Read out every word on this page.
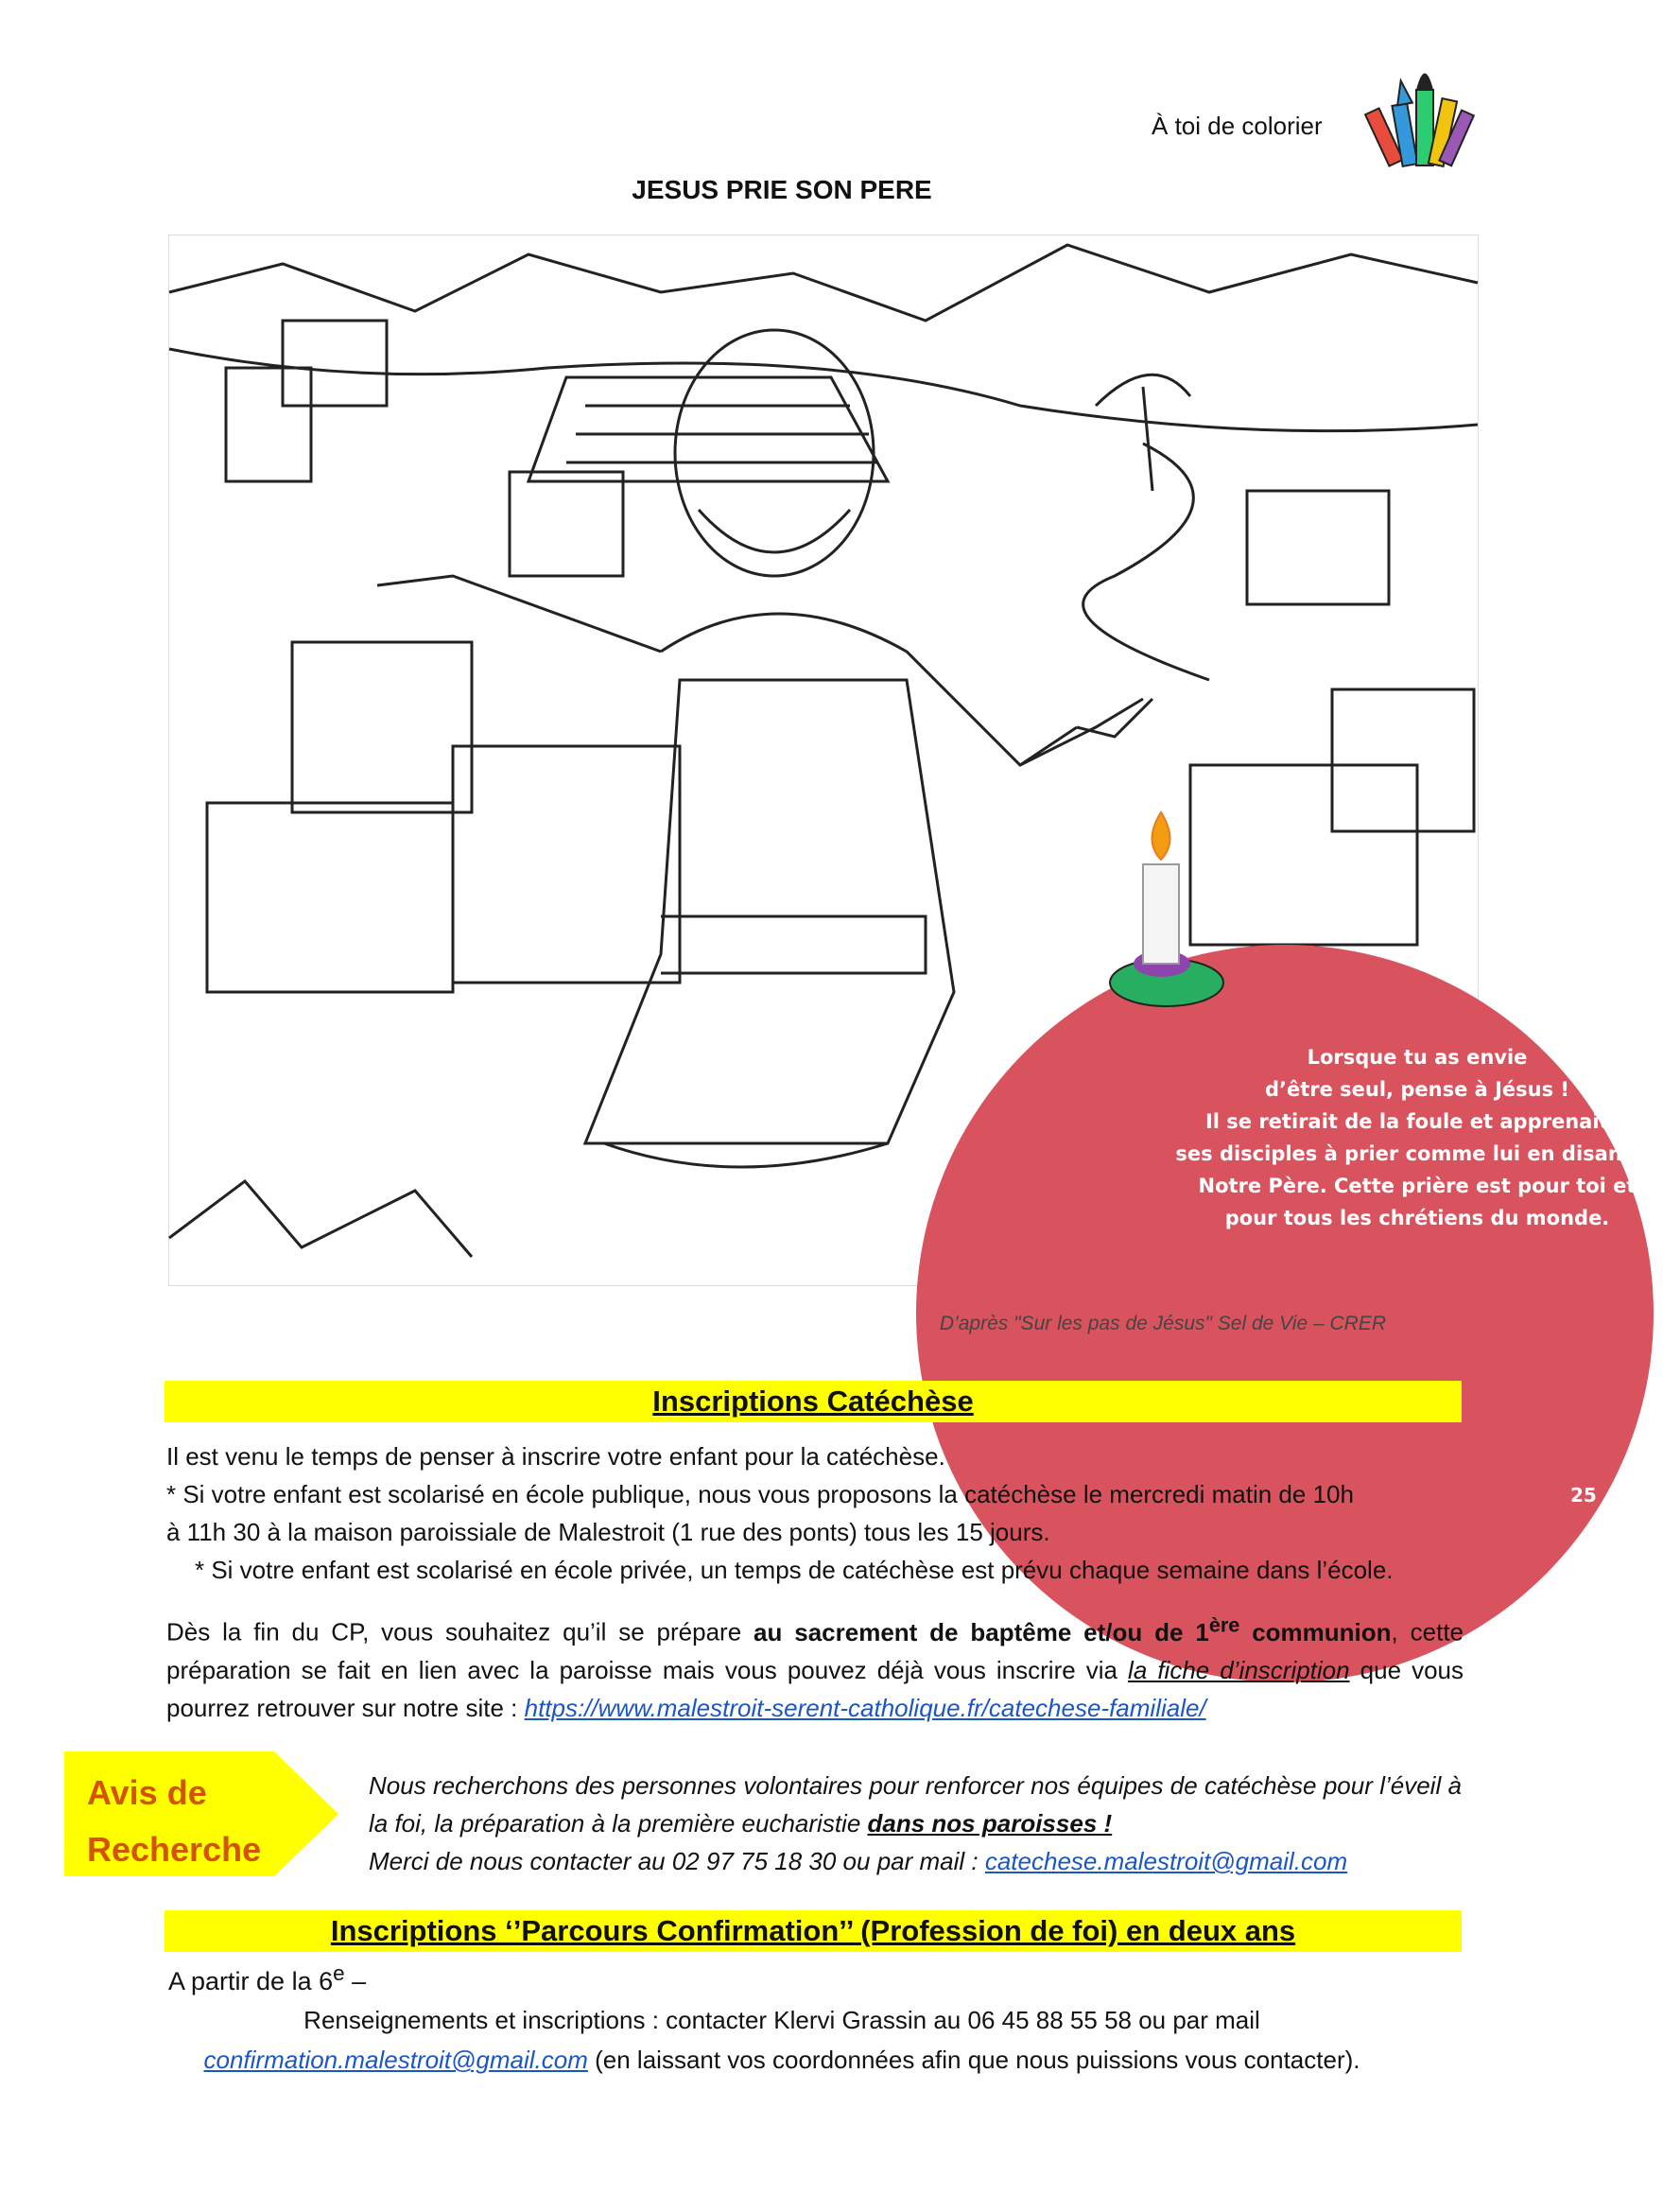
À toi de colorier
JESUS PRIE SON PERE
Lorsque tu as envie
d’être seul, pense à Jésus !
Il se retirait de la foule et apprenait à
ses disciples à prier comme lui en disant le
Notre Père. Cette prière est pour toi et
pour tous les chrétiens du monde.
25
D’après "Sur les pas de Jésus" Sel de Vie – CRER
Inscriptions Catéchèse
Il est venu le temps de penser à inscrire votre enfant pour la catéchèse.
* Si votre enfant est scolarisé en école publique, nous vous proposons la catéchèse le mercredi matin de 10h
à 11h 30 à la maison paroissiale de Malestroit (1 rue des ponts) tous les 15 jours.
* Si votre enfant est scolarisé en école privée, un temps de catéchèse est prévu chaque semaine dans l’école.
Dès la fin du CP, vous souhaitez qu’il se prépare au sacrement de baptême et/ou de 1ère communion, cette préparation se fait en lien avec la paroisse mais vous pouvez déjà vous inscrire via la fiche d’inscription que vous pourrez retrouver sur notre site : https://www.malestroit-serent-catholique.fr/catechese-familiale/
Avis de
Recherche
Nous recherchons des personnes volontaires pour renforcer nos équipes de catéchèse pour l’éveil à la foi, la préparation à la première eucharistie dans nos paroisses !
Merci de nous contacter au 02 97 75 18 30 ou par mail : catechese.malestroit@gmail.com
Inscriptions ‘’Parcours Confirmation’’ (Profession de foi) en deux ans
A partir de la 6e –
Renseignements et inscriptions : contacter Klervi Grassin au 06 45 88 55 58 ou par mail
confirmation.malestroit@gmail.com (en laissant vos coordonnées afin que nous puissions vous contacter).
